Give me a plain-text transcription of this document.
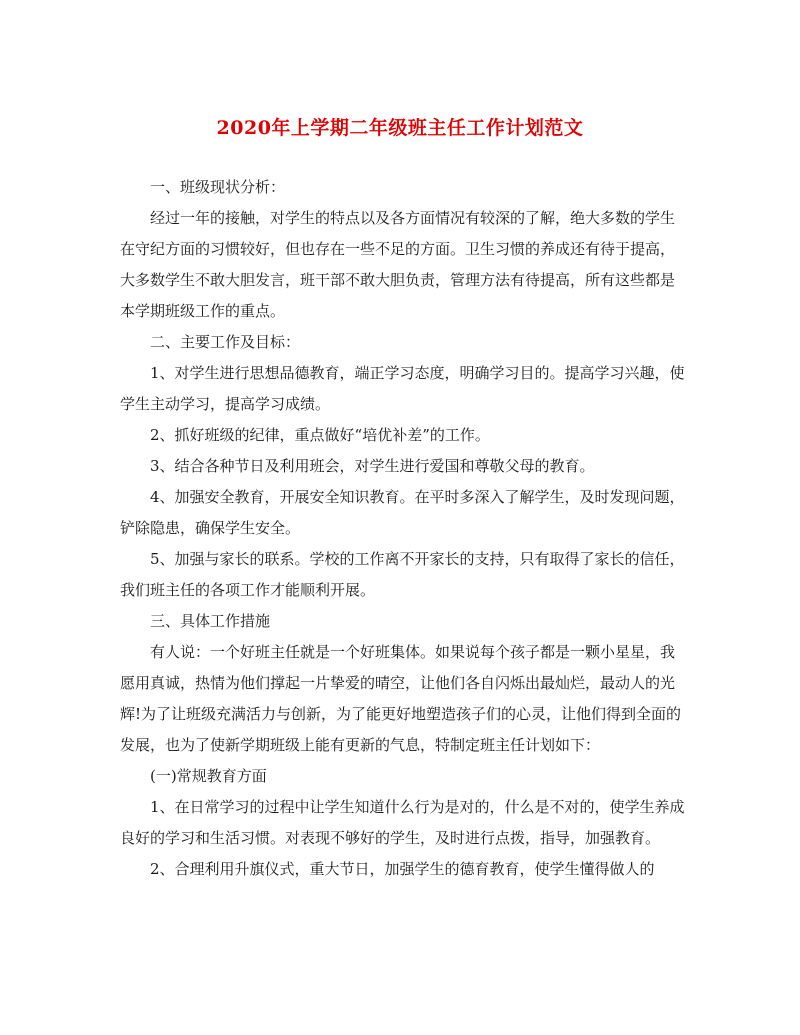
2020年上学期二年级班主任工作计划范文

一、班级现状分析：

经过一年的接触，对学生的特点以及各方面情况有较深的了解，绝大多数的学生在守纪方面的习惯较好，但也存在一些不足的方面。卫生习惯的养成还有待于提高，大多数学生不敢大胆发言，班干部不敢大胆负责，管理方法有待提高，所有这些都是本学期班级工作的重点。

二、主要工作及目标：

1、对学生进行思想品德教育，端正学习态度，明确学习目的。提高学习兴趣，使学生主动学习，提高学习成绩。

2、抓好班级的纪律，重点做好“培优补差”的工作。

3、结合各种节日及利用班会，对学生进行爱国和尊敬父母的教育。

4、加强安全教育，开展安全知识教育。在平时多深入了解学生，及时发现问题，铲除隐患，确保学生安全。

5、加强与家长的联系。学校的工作离不开家长的支持，只有取得了家长的信任，我们班主任的各项工作才能顺利开展。

三、具体工作措施

有人说：一个好班主任就是一个好班集体。如果说每个孩子都是一颗小星星，我愿用真诚，热情为他们撑起一片挚爱的晴空，让他们各自闪烁出最灿烂，最动人的光辉!为了让班级充满活力与创新，为了能更好地塑造孩子们的心灵，让他们得到全面的发展，也为了使新学期班级上能有更新的气息，特制定班主任计划如下：

(一)常规教育方面

1、在日常学习的过程中让学生知道什么行为是对的，什么是不对的，使学生养成良好的学习和生活习惯。对表现不够好的学生，及时进行点拨，指导，加强教育。

2、合理利用升旗仪式，重大节日，加强学生的德育教育，使学生懂得做人的
